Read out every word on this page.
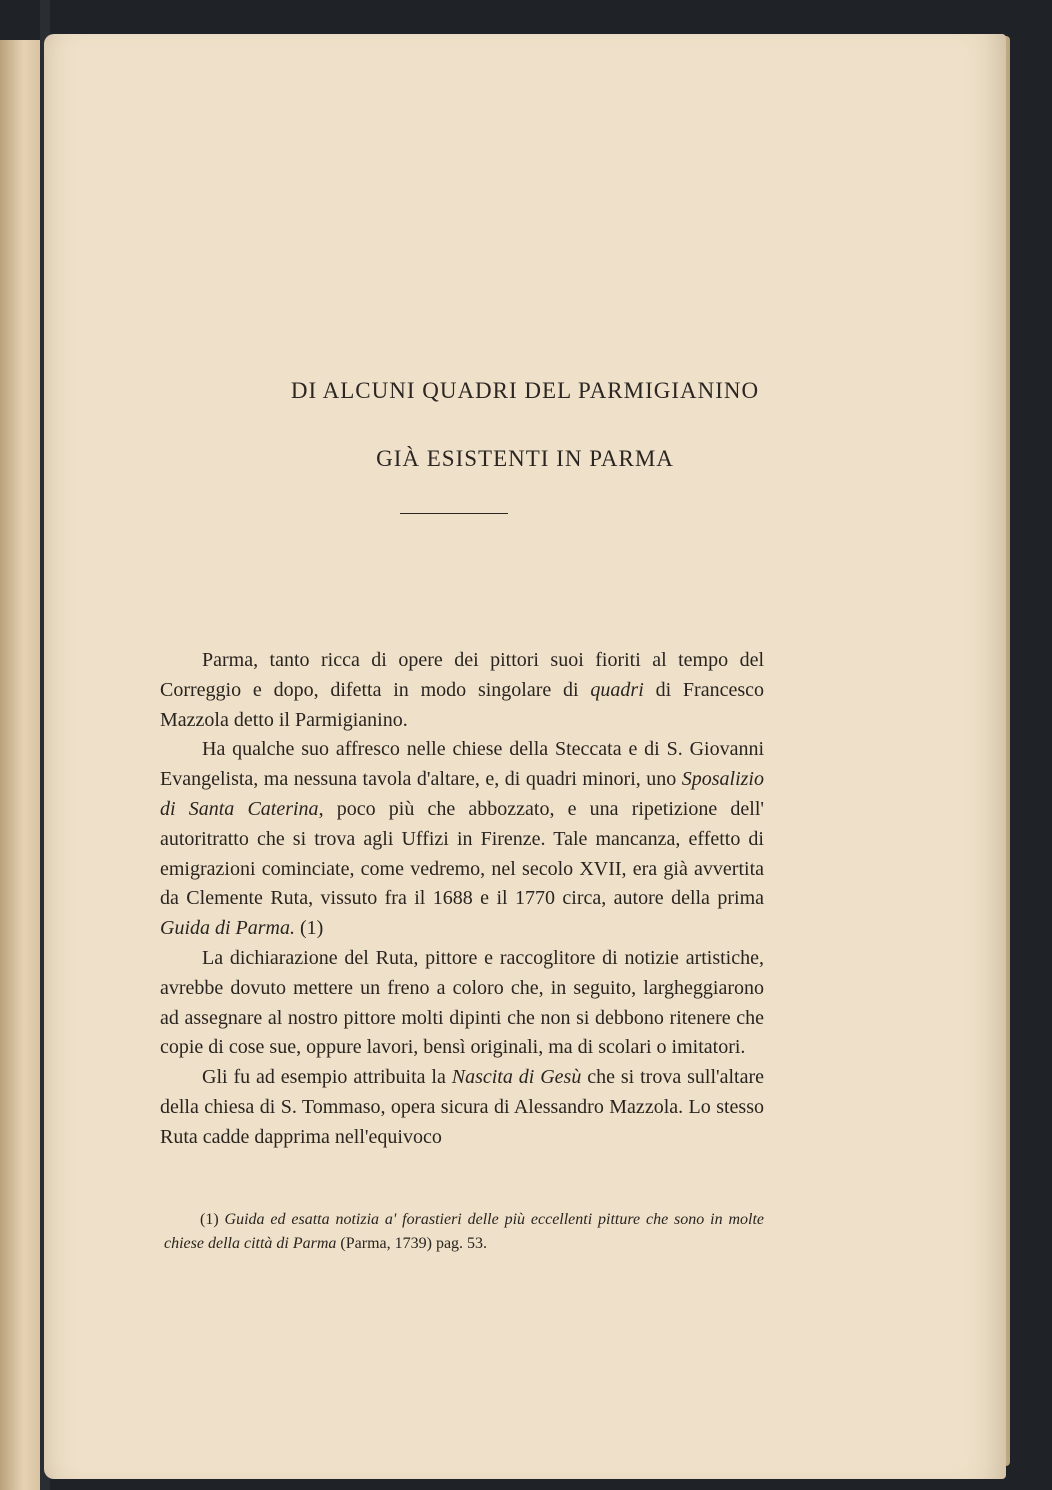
DI ALCUNI QUADRI DEL PARMIGIANINO
GIÀ ESISTENTI IN PARMA

Parma, tanto ricca di opere dei pittori suoi fioriti al tempo del Correggio e dopo, difetta in modo singolare di quadri di Francesco Mazzola detto il Parmigianino.

Ha qualche suo affresco nelle chiese della Steccata e di S. Giovanni Evangelista, ma nessuna tavola d'altare, e, di quadri minori, uno Sposalizio di Santa Caterina, poco più che abbozzato, e una ripetizione dell' autoritratto che si trova agli Uffizi in Firenze. Tale mancanza, effetto di emigrazioni cominciate, come vedremo, nel secolo XVII, era già avvertita da Clemente Ruta, vissuto fra il 1688 e il 1770 circa, autore della prima Guida di Parma. (1)

La dichiarazione del Ruta, pittore e raccoglitore di notizie artistiche, avrebbe dovuto mettere un freno a coloro che, in seguito, largheggiarono ad assegnare al nostro pittore molti dipinti che non si debbono ritenere che copie di cose sue, oppure lavori, bensì originali, ma di scolari o imitatori.

Gli fu ad esempio attribuita la Nascita di Gesù che si trova sull'altare della chiesa di S. Tommaso, opera sicura di Alessandro Mazzola. Lo stesso Ruta cadde dapprima nell'equivoco

(1) Guida ed esatta notizia a' forastieri delle più eccellenti pitture che sono in molte chiese della città di Parma (Parma, 1739) pag. 53.
